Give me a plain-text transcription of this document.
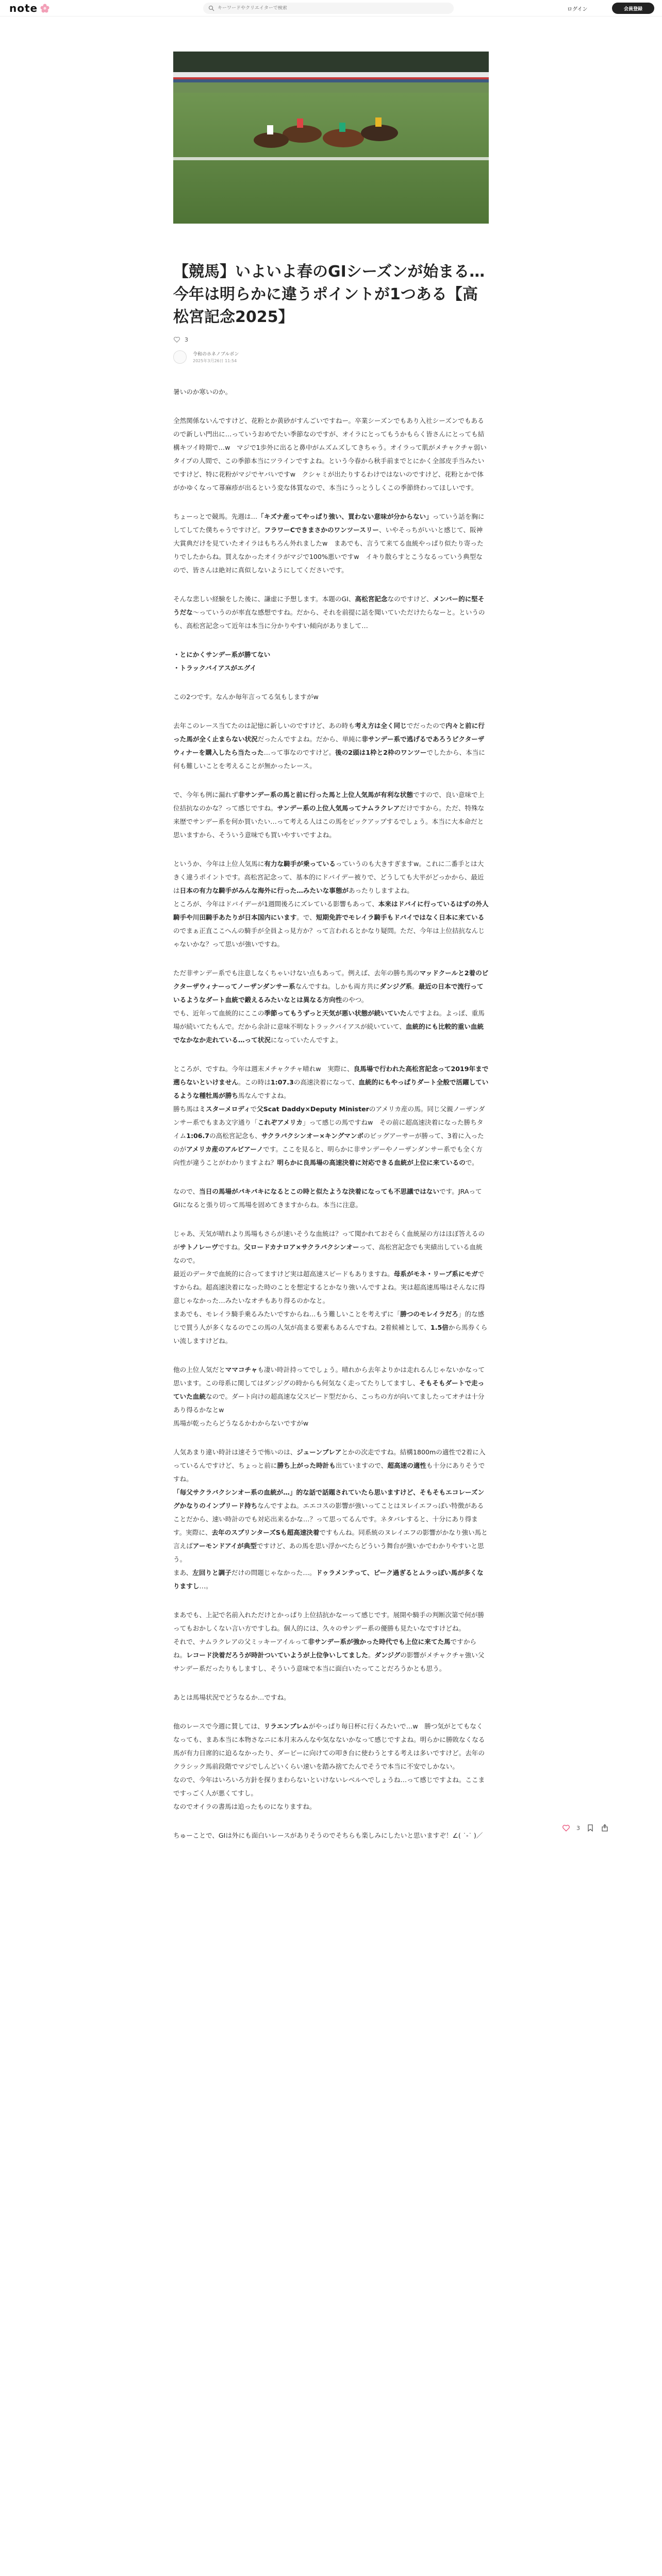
note
キーワードやクリエイターで検索	ログイン	会員登録
【競馬】いよいよ春のGIシーズンが始まる…今年は明らかに違うポイントが1つある【高松宮記念2025】
3
令和のホネノブルボン
2025年3月26日 11:54

暑いのか寒いのか。

全然関係ないんですけど、花粉とか黄砂がすんごいですねー。卒業シーズンでもあり入社シーズンでもあるので新しい門出に…っていうおめでたい季節なのですが、オイラにとってもうかもらく皆さんにとっても結構キツイ時期で…w　マジで1歩外に出ると鼻中がムズムズしてきちゃう。オイラって肌がメチャクチャ弱いタイプの人間で、この季節本当にツラインですよね。という今春から秋手前までとにかく全部皮手当みたいですけど、特に花粉がマジでヤバいですw　クシャミが出たりするわけではないのですけど、花粉とかで体がかゆくなって蕁麻疹が出るという変な体質なので、本当にうっとうしくこの季節終わってほしいです。

ちょーっとで競馬。先週は…「キズナ産ってやっぱり強い、買わない意味が分からない」っていう話を胸にしてしてた僕ちゃうですけど。フラワーCできまさかのワンツースリー、いやそっちがいいと感じて、阪神大賞典だけを見ていたオイラはもちろん外れましたw　まあでも、言うて来てる血統やっぱり似たり寄ったりでしたからね。買えなかったオイラがマジで100%悪いですw　イキり散らすとこうなるっていう典型なので、皆さんは絶対に真似しないようにしてくださいです。

そんな悲しい経験をした後に、謙虚に予想します。本題のGI、高松宮記念なのですけど、メンバー的に堅そうだな〜っていうのが率直な感想ですね。だから、それを前提に話を聞いていただけたらなーと。というのも、高松宮記念って近年は本当に分かりやすい傾向がありまして…

・とにかくサンデー系が勝てない
・トラックバイアスがエグイ

この2つです。なんか毎年言ってる気もしますがw

去年このレース当てたのは記憶に新しいのですけど、あの時も考え方は全く同じでだったので内々と前に行った馬が全く止まらない状況だったんですよね。だから、単純に非サンデー系で逃げるであろうピクターザウィナーを購入したら当たった…って事なのですけど。後の2頭は1枠と2枠のワンツーでしたから、本当に何も難しいことを考えることが無かったレース。

で、今年も例に漏れず非サンデー系の馬と前に行った馬と上位人気馬が有利な状態ですので、良い意味で上位拮抗なのかな？って感じですね。サンデー系の上位人気馬ってナムラクレアだけですから。ただ、特殊な来歴でサンデー系を何か買いたい…って考える人はこの馬をピックアップするでしょう。本当に大本命だと思いますから、そういう意味でも買いやすいですよね。

というか、今年は上位人気馬に有力な騎手が乗っているっていうのも大きすぎますw。これに二番手とは大きく違うポイントです。高松宮記念って、基本的にドバイデー被りで、どうしても大半がどっかから、最近は日本の有力な騎手がみんな海外に行った…みたいな事態があったりしますよね。
ところが、今年はドバイデーが1週間後ろにズレている影響もあって、本来はドバイに行っているはずの外人騎手や川田騎手あたりが日本国内にいます。で、短期免許でモレイラ騎手もドバイではなく日本に来ているのでまぁ正直ここへんの騎手が全員よっ見方か？って言われるとかなり疑問。ただ、今年は上位拮抗なんじゃないかな？って思いが強いですね。

ただ非サンデー系でも注意しなくちゃいけない点もあって。例えば、去年の勝ち馬のマッドクールと2着のビクターザウィナーってノーザンダンサー系なんですね。しかも両方共にダンジグ系。最近の日本で流行っているようなダート血統で鍛えるみたいなとは異なる方向性のやつ。
でも、近年って血統的にここの季節ってもうずっと天気が悪い状態が続いていたんですよね。よっぽ、重馬場が続いてたもんで。だから余計に意味不明なトラックバイアスが続いていて、血統的にも比較的重い血統でなかなか走れている…って状況になっていたんですよ。

ところが、ですね。今年は週末メチャクチャ晴れw　実際に、良馬場で行われた高松宮記念って2019年まで遡らないといけません。この時は1:07.3の高速決着になって、血統的にもやっぱりダート全般で活躍しているような種牡馬が勝ち馬なんですよね。
勝ち馬はミスターメロディで父Scat Daddy×Deputy Ministerのアメリカ産の馬。同じ父親ノーザンダンサー系でもまあ文字通り「これぞアメリカ」って感じの馬ですねw　その前に超高速決着になった勝ちタイム1:06.7の高松宮記念も、サクラバクシンオー×キングマンボのビッグアーサーが勝って、3着に入ったのがアメリカ産のアルビアーノです。ここを見ると、明らかに非サンデーやノーザンダンサー系でも全く方向性が違うことがわかりますよね？明らかに良馬場の高速決着に対応できる血統が上位に来ているので。

なので、当日の馬場がパキパキになるとこの時と似たような決着になっても不思議ではないです。JRAってGIになると張り切って馬場を固めてきますからね。本当に注意。

じゃあ、天気が晴れより馬場もさらが速いそうな血統は？って聞かれておそらく血統屋の方はほぼ答えるのがサトノレーヴですね。父ロードカナロア×サクラバクシンオーって、高松宮記念でも実績出している血統なので。
最近のデータで血統的に合ってますけど実は超高速スピードもありますね。母系がモネ・リーブ系にモガですからね。超高速決着になった時のことを想定するとかなり強いんですよね。実は超高速馬場はそんなに得意じゃなかった…みたいなオチもあり得るのかなと。
まあでも、モレイラ騎手乗るみたいですからね…もう難しいことを考えずに「勝つのモレイラだろ」的な感じで買う人が多くなるのでこの馬の人気が高まる要素もあるんですね。2着候補として、1.5倍から馬券くらい流しますけどね。

他の上位人気だとママコチャも凄い時計持ってでしょう。晴れから去年よりかは走れるんじゃないかなって思います。この母系に関してはダンジグの時からも何気なく走ってたりしてますし、そもそもダートで走っていた血統なので。ダート向けの超高速な父スピード型だから、こっちの方が向いてましたってオチは十分あり得るかなとw
馬場が乾ったらどうなるかわからないですがw

人気あまり違い時計は速そうで怖いのは、ジューンブレアとかの次走ですね。結構1800mの適性で2着に入っているんですけど、ちょっと前に勝ち上がった時計も出ていますので、超高速の適性も十分にありそうですね。
「毎父サクラバクシンオー系の血統が…」的な話で話題されていたら思いますけど、そもそもエコレーズングかなりのインブリード持ちなんですよね。エエコスの影響が強いってことはヌレイエフっぽい特徴があることだから、速い時計のでも対応出来るかな…？って思ってるんです。ネタバレすると、十分にあり得ます。実際に、去年のスプリンターズSも超高速決着ですもんね。同系統のヌレイエフの影響がかなり強い馬と言えばアーモンドアイが典型ですけど、あの馬を思い浮かべたらどういう舞台が強いかでわかりやすいと思う。
まあ、左回りと調子だけの問題じゃなかった…。ドゥラメンテって、ピーク過ぎるとムラっぽい馬が多くなりますし…。

まあでも、上記で名前入れただけとかっぱり上位拮抗かなーって感じです。展開や騎手の判断次第で何が勝ってもおかしくない言い方ですしね。個人的には、久々のサンデー系の優勝も見たいなですけどね。
それで、ナムラクレアの父ミッキーアイルって非サンデー系が強かった時代でも上位に来てた馬ですからね。レコード決着だろうが時計ついていようが上位争いしてました。ダンジグの影響がメチャクチャ強い父サンデー系だったりもしますし、そういう意味で本当に面白いたってことだろうかとも思う。

あとは馬場状況でどうなるか…ですね。

他のレースで今週に賛しては、リラエンブレムがやっぱり毎日杯に行くみたいで…w　勝つ気がとてもなくなっても、まあ本当に本物さなニに本月末みんなや気なないかなって感じですよね。明らかに勝敗なくなる馬が有力日席的に迫るなかったり、ダービーに向けての叩き台に使わうとする考えは多いですけど。去年のクラシック馬前段階でマジでしんどいくらい速いを踏み捨てたんでそうで本当に不安でしかない。
なので、今年はいろいろ方針を探りまわらないといけないレベルへでしょうね…って感じですよね。ここまですっごく人が悪くてすし。
なのでオイラの書馬は追ったものになりますね。

ちゅーことで、GIは外にも面白いレースがありそうのでそちらも楽しみにしたいと思いますぞ！∠( ˙-˙ )／

3
